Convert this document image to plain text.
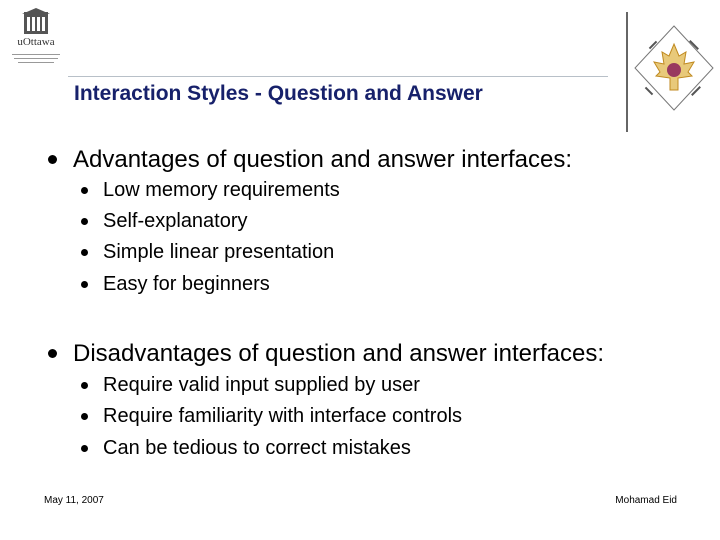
uOttawa
Interaction Styles - Question and Answer
Advantages of question and answer interfaces:
Low memory requirements
Self-explanatory
Simple linear presentation
Easy for beginners
Disadvantages of question and answer interfaces:
Require valid input supplied by user
Require familiarity with interface controls
Can be tedious to correct mistakes
May 11, 2007	Mohamad Eid
